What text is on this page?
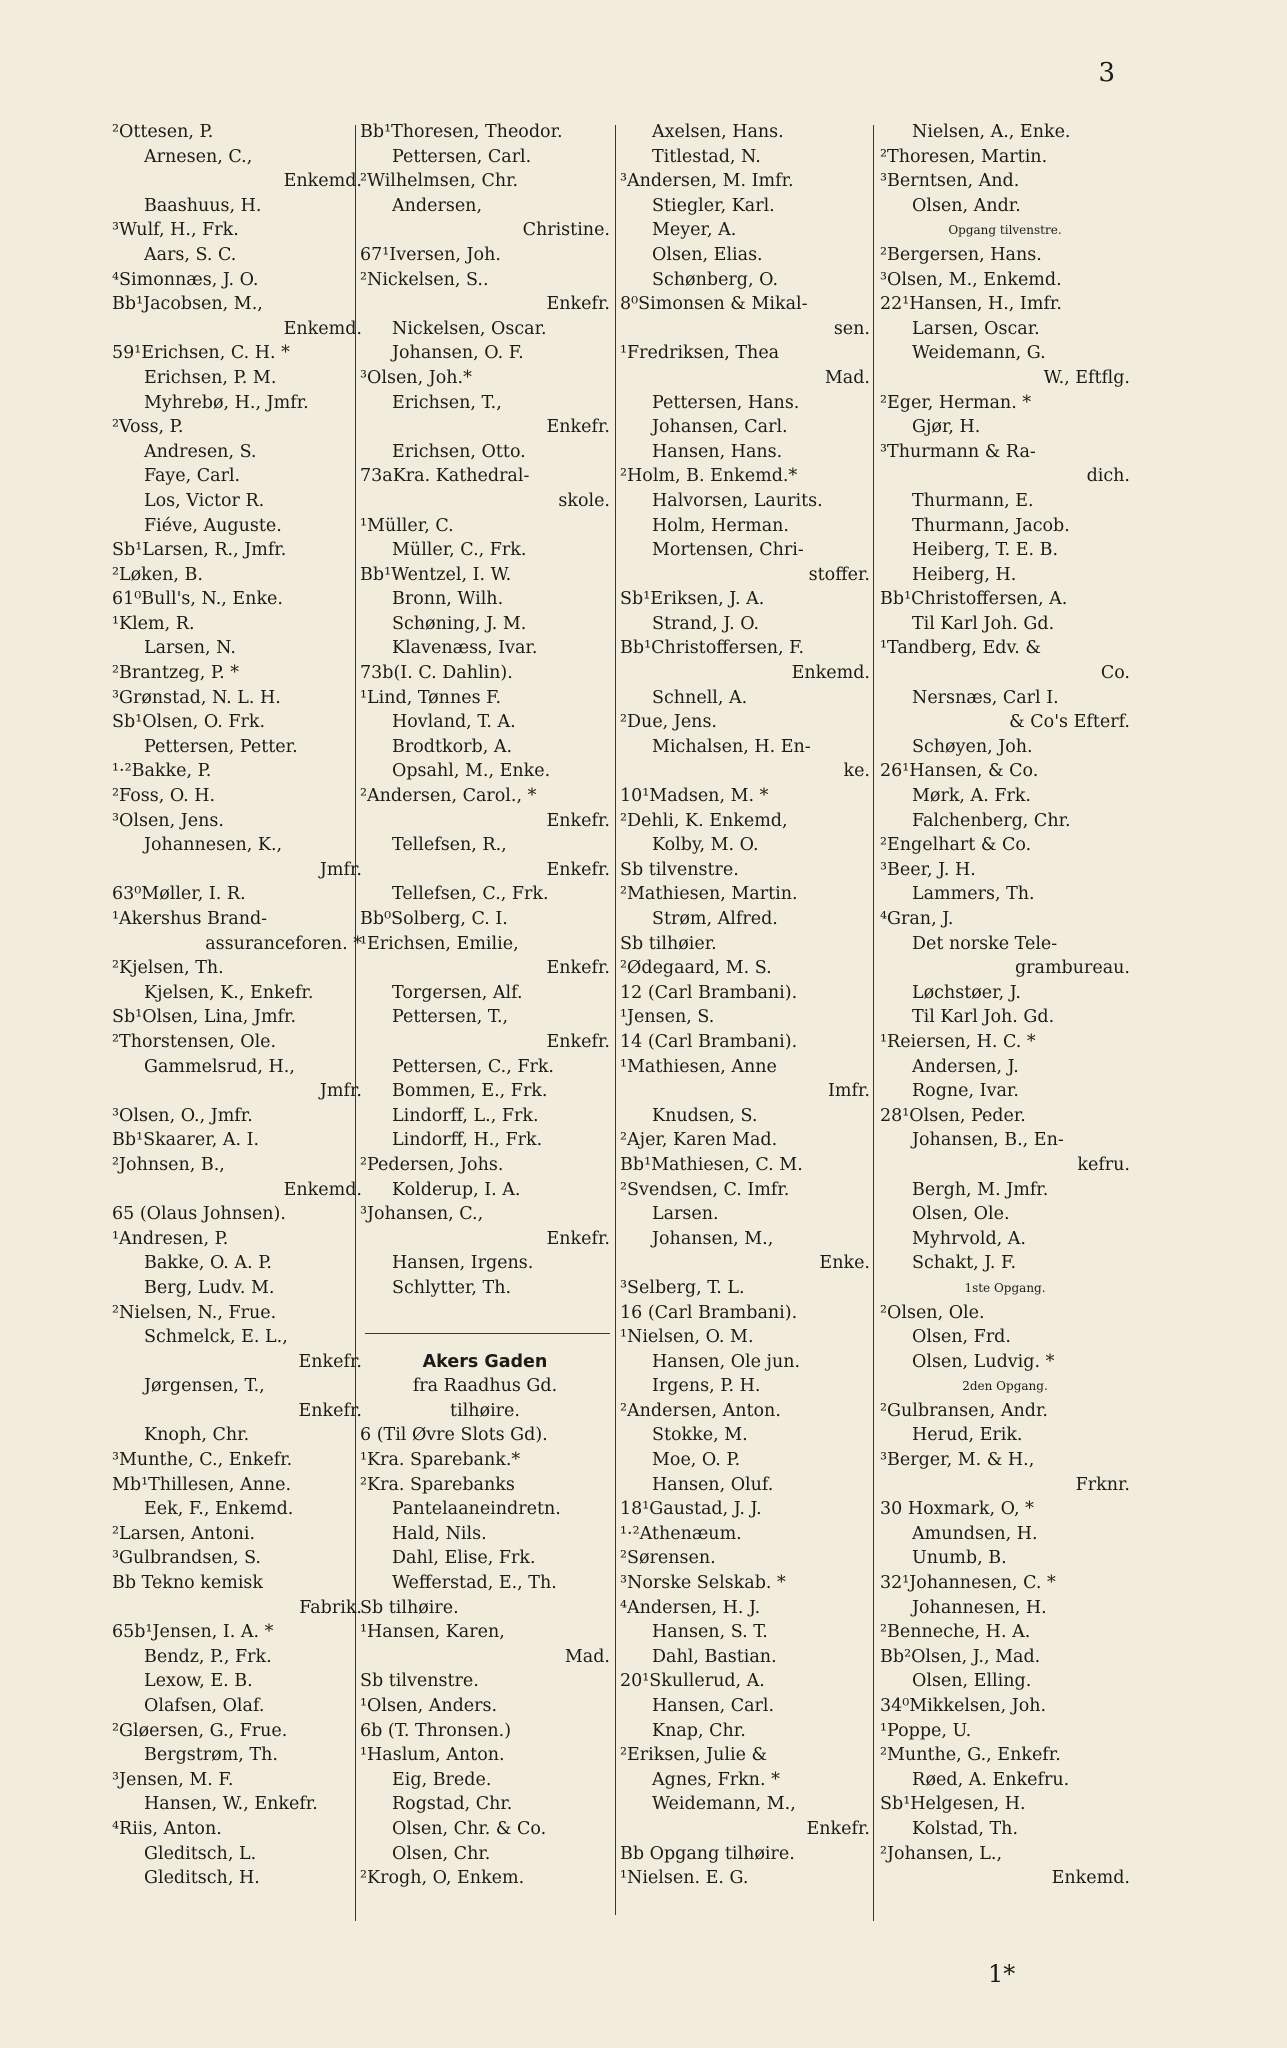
3
²Ottesen, P.
Arnesen, C.,
Enkemd.
Baashuus, H.
³Wulf, H., Frk.
Aars, S. C.
⁴Simonnæs, J. O.
Bb¹Jacobsen, M.,
Enkemd.
59¹Erichsen, C. H. *
Erichsen, P. M.
Myhrebø, H., Jmfr.
²Voss, P.
Andresen, S.
Faye, Carl.
Los, Victor R.
Fiéve, Auguste.
Sb¹Larsen, R., Jmfr.
²Løken, B.
61⁰Bull's, N., Enke.
¹Klem, R.
Larsen, N.
²Brantzeg, P. *
³Grønstad, N. L. H.
Sb¹Olsen, O. Frk.
Pettersen, Petter.
¹·²Bakke, P.
²Foss, O. H.
³Olsen, Jens.
Johannesen, K.,
Jmfr.
63⁰Møller, I. R.
¹Akershus Brand-
assuranceforen. *
²Kjelsen, Th.
Kjelsen, K., Enkefr.
Sb¹Olsen, Lina, Jmfr.
²Thorstensen, Ole.
Gammelsrud, H.,
Jmfr.
³Olsen, O., Jmfr.
Bb¹Skaarer, A. I.
²Johnsen, B.,
Enkemd.
65 (Olaus Johnsen).
¹Andresen, P.
Bakke, O. A. P.
Berg, Ludv. M.
²Nielsen, N., Frue.
Schmelck, E. L.,
Enkefr.
Jørgensen, T.,
Enkefr.
Knoph, Chr.
³Munthe, C., Enkefr.
Mb¹Thillesen, Anne.
Eek, F., Enkemd.
²Larsen, Antoni.
³Gulbrandsen, S.
Bb Tekno kemisk
Fabrik.
65b¹Jensen, I. A. *
Bendz, P., Frk.
Lexow, E. B.
Olafsen, Olaf.
²Gløersen, G., Frue.
Bergstrøm, Th.
³Jensen, M. F.
Hansen, W., Enkefr.
⁴Riis, Anton.
Gleditsch, L.
Gleditsch, H.
Bb¹Thoresen, Theodor.
Pettersen, Carl.
²Wilhelmsen, Chr.
Andersen,
Christine.
67¹Iversen, Joh.
²Nickelsen, S..
Enkefr.
Nickelsen, Oscar.
Johansen, O. F.
³Olsen, Joh.*
Erichsen, T.,
Enkefr.
Erichsen, Otto.
73aKra. Kathedral-
skole.
¹Müller, C.
Müller, C., Frk.
Bb¹Wentzel, I. W.
Bronn, Wilh.
Schøning, J. M.
Klavenæss, Ivar.
73b(I. C. Dahlin).
¹Lind, Tønnes F.
Hovland, T. A.
Brodtkorb, A.
Opsahl, M., Enke.
²Andersen, Carol., *
Enkefr.
Tellefsen, R.,
Enkefr.
Tellefsen, C., Frk.
Bb⁰Solberg, C. I.
¹Erichsen, Emilie,
Enkefr.
Torgersen, Alf.
Pettersen, T.,
Enkefr.
Pettersen, C., Frk.
Bommen, E., Frk.
Lindorff, L., Frk.
Lindorff, H., Frk.
²Pedersen, Johs.
Kolderup, I. A.
³Johansen, C.,
Enkefr.
Hansen, Irgens.
Schlytter, Th.

Akers Gaden
fra Raadhus Gd.
tilhøire.
6 (Til Øvre Slots Gd).
¹Kra. Sparebank.*
²Kra. Sparebanks
Pantelaaneindretn.
Hald, Nils.
Dahl, Elise, Frk.
Wefferstad, E., Th.
Sb tilhøire.
¹Hansen, Karen,
Mad.
Sb tilvenstre.
¹Olsen, Anders.
6b (T. Thronsen.)
¹Haslum, Anton.
Eig, Brede.
Rogstad, Chr.
Olsen, Chr. & Co.
Olsen, Chr.
²Krogh, O, Enkem.
Axelsen, Hans.
Titlestad, N.
³Andersen, M. Imfr.
Stiegler, Karl.
Meyer, A.
Olsen, Elias.
Schønberg, O.
8⁰Simonsen & Mikal-
sen.
¹Fredriksen, Thea
Mad.
Pettersen, Hans.
Johansen, Carl.
Hansen, Hans.
²Holm, B. Enkemd.*
Halvorsen, Laurits.
Holm, Herman.
Mortensen, Chri-
stoffer.
Sb¹Eriksen, J. A.
Strand, J. O.
Bb¹Christoffersen, F.
Enkemd.
Schnell, A.
²Due, Jens.
Michalsen, H. En-
ke.
10¹Madsen, M. *
²Dehli, K. Enkemd,
Kolby, M. O.
Sb tilvenstre.
²Mathiesen, Martin.
Strøm, Alfred.
Sb tilhøier.
²Ødegaard, M. S.
12 (Carl Brambani).
¹Jensen, S.
14 (Carl Brambani).
¹Mathiesen, Anne
Imfr.
Knudsen, S.
²Ajer, Karen Mad.
Bb¹Mathiesen, C. M.
²Svendsen, C. Imfr.
Larsen.
Johansen, M.,
Enke.
³Selberg, T. L.
16 (Carl Brambani).
¹Nielsen, O. M.
Hansen, Ole jun.
Irgens, P. H.
²Andersen, Anton.
Stokke, M.
Moe, O. P.
Hansen, Oluf.
18¹Gaustad, J. J.
¹·²Athenæum.
²Sørensen.
³Norske Selskab. *
⁴Andersen, H. J.
Hansen, S. T.
Dahl, Bastian.
20¹Skullerud, A.
Hansen, Carl.
Knap, Chr.
²Eriksen, Julie &
Agnes, Frkn. *
Weidemann, M.,
Enkefr.
Bb Opgang tilhøire.
¹Nielsen. E. G.
Nielsen, A., Enke.
²Thoresen, Martin.
³Berntsen, And.
Olsen, Andr.
Opgang tilvenstre.
²Bergersen, Hans.
³Olsen, M., Enkemd.
22¹Hansen, H., Imfr.
Larsen, Oscar.
Weidemann, G.
W., Eftflg.
²Eger, Herman. *
Gjør, H.
³Thurmann & Ra-
dich.
Thurmann, E.
Thurmann, Jacob.
Heiberg, T. E. B.
Heiberg, H.
Bb¹Christoffersen, A.
Til Karl Joh. Gd.
¹Tandberg, Edv. &
Co.
Nersnæs, Carl I.
& Co's Efterf.
Schøyen, Joh.
26¹Hansen, & Co.
Mørk, A. Frk.
Falchenberg, Chr.
²Engelhart & Co.
³Beer, J. H.
Lammers, Th.
⁴Gran, J.
Det norske Tele-
grambureau.
Løchstøer, J.
Til Karl Joh. Gd.
¹Reiersen, H. C. *
Andersen, J.
Rogne, Ivar.
28¹Olsen, Peder.
Johansen, B., En-
kefru.
Bergh, M. Jmfr.
Olsen, Ole.
Myhrvold, A.
Schakt, J. F.
1ste Opgang.
²Olsen, Ole.
Olsen, Frd.
Olsen, Ludvig. *
2den Opgang.
²Gulbransen, Andr.
Herud, Erik.
³Berger, M. & H.,
Frknr.
30 Hoxmark, O, *
Amundsen, H.
Unumb, B.
32¹Johannesen, C. *
Johannesen, H.
²Benneche, H. A.
Bb²Olsen, J., Mad.
Olsen, Elling.
34⁰Mikkelsen, Joh.
¹Poppe, U.
²Munthe, G., Enkefr.
Røed, A. Enkefru.
Sb¹Helgesen, H.
Kolstad, Th.
²Johansen, L.,
Enkemd.
1*
